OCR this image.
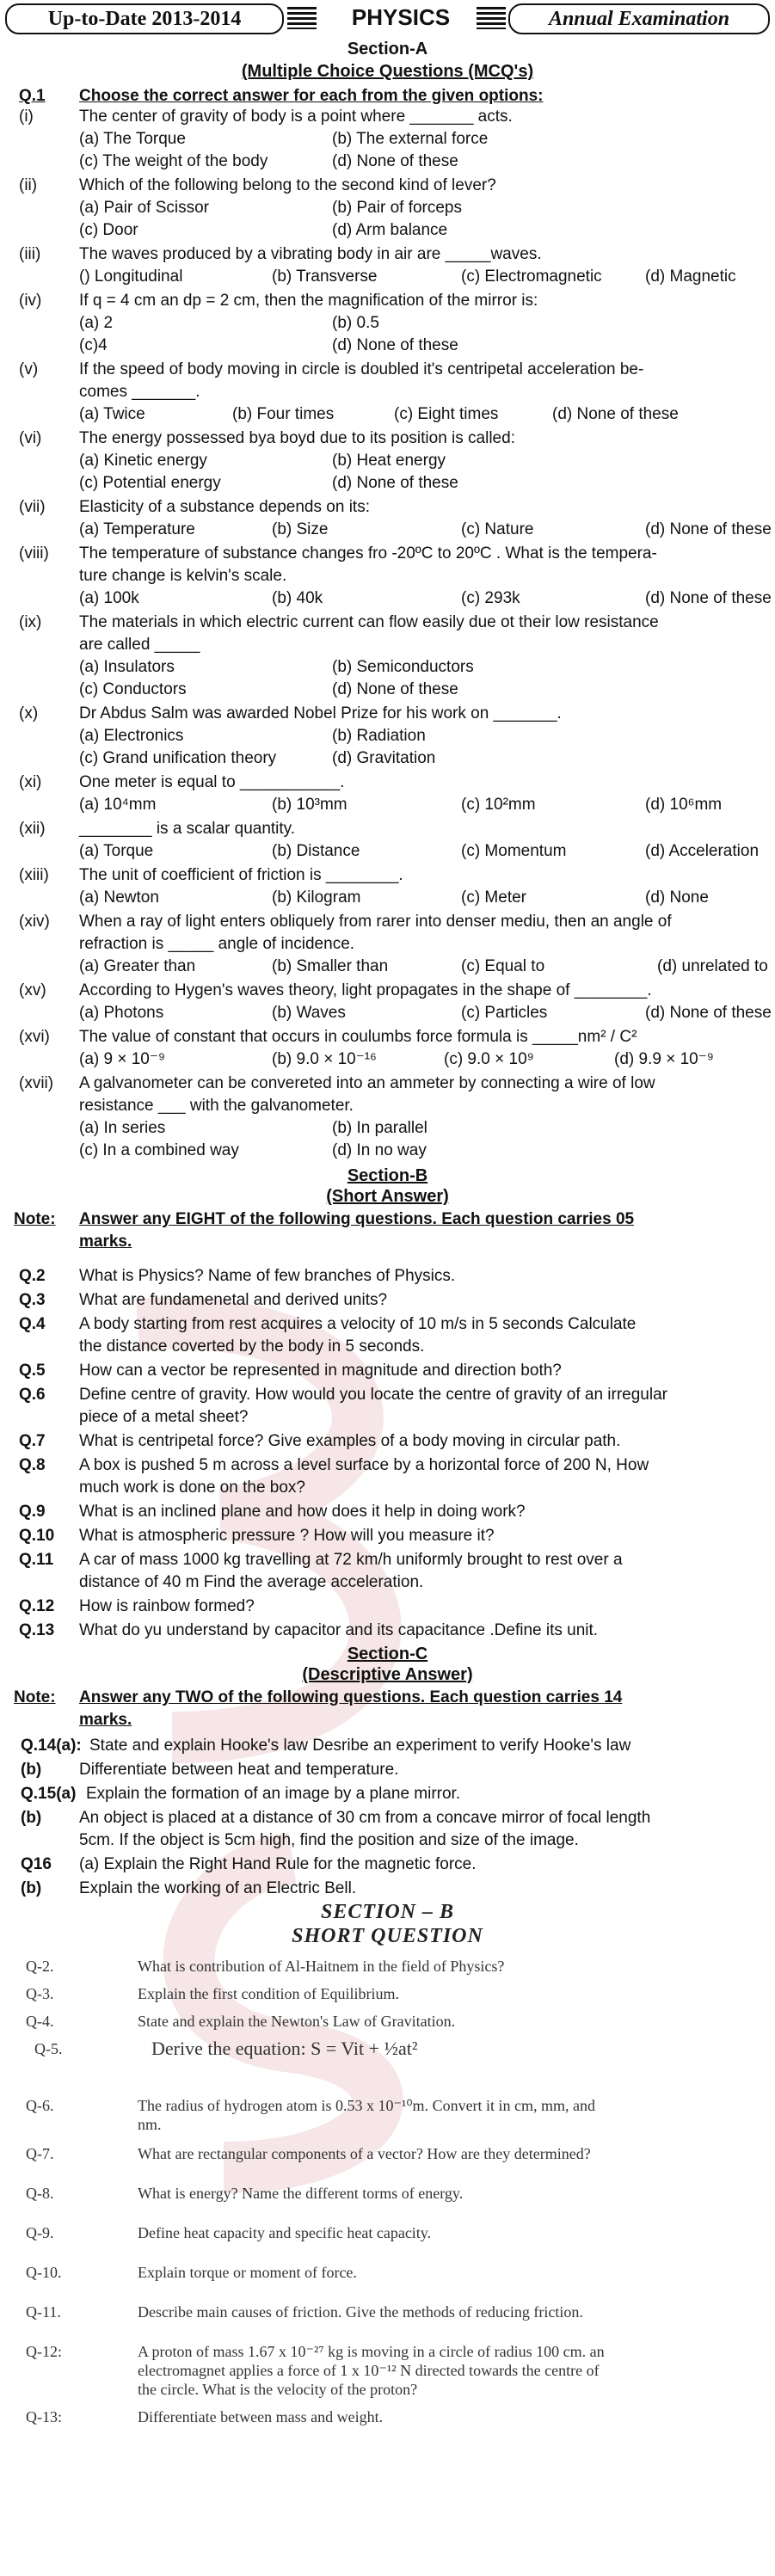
Up-to-Date 2013-2014	PHYSICS	Annual Examination
Section-A
(Multiple Choice Questions (MCQ's)
Q.1 Choose the correct answer for each from the given options:
(i)	The center of gravity of body is a point where _______ acts.
(a) The Torque	(b) The external force
(c) The weight of the body	(d) None of these
(ii)	Which of the following belong to the second kind of lever?
(a) Pair of Scissor	(b) Pair of forceps
(c) Door	(d) Arm balance
(iii) The waves produced by a vibrating body in air are _____waves.
() Longitudinal	(b) Transverse	(c) Electromagnetic	(d) Magnetic
(iv) If q = 4 cm an dp = 2 cm, then the magnification of the mirror is:
(a) 2	(b) 0.5
(c)4	(d) None of these
(v)	If the speed of body moving in circle is doubled it's centripetal acceleration be-
comes _______.
(a) Twice	(b) Four times	(c) Eight times	(d) None of these
(vi) The energy possessed bya boyd due to its position is called:
(a) Kinetic energy	(b) Heat energy
(c) Potential energy	(d) None of these
(vii) Elasticity of a substance depends on its:
(a) Temperature	(b) Size	(c) Nature	(d) None of these
(viii) The temperature of substance changes fro -20ºC to 20ºC . What is the tempera-
ture change is kelvin's scale.
(a) 100k	(b) 40k	(c) 293k	(d) None of these
(ix) The materials in which electric current can flow easily due ot their low resistance
are called _____
(a) Insulators	(b) Semiconductors
(c) Conductors	(d) None of these
(x)	Dr Abdus Salm was awarded Nobel Prize for his work on _______.
(a) Electronics	(b) Radiation
(c) Grand unification theory	(d) Gravitation
(xi) One meter is equal to ___________.
(a) 10⁴mm	(b) 10³mm	(c) 10²mm	(d) 10⁶mm
(xii) ________ is a scalar quantity.
(a) Torque	(b) Distance	(c) Momentum	(d) Acceleration
(xiii) The unit of coefficient of friction is ________.
(a) Newton	(b) Kilogram	(c) Meter	(d) None
(xiv) When a ray of light enters obliquely from rarer into denser mediu, then an angle of
refraction is _____ angle of incidence.
(a) Greater than	(b) Smaller than	(c) Equal to	(d) unrelated to
(xv) According to Hygen's waves theory, light propagates in the shape of ________.
(a) Photons	(b) Waves	(c) Particles	(d) None of these
(xvi) The value of constant that occurs in coulumbs force formula is _____nm² / C²
(a) 9 × 10⁻⁹	(b) 9.0 × 10⁻¹⁶	(c) 9.0 × 10⁹	(d) 9.9 × 10⁻⁹
(xvii) A galvanometer can be convereted into an ammeter by connecting a wire of low
resistance ___ with the galvanometer.
(a) In series	(b) In parallel
(c) In a combined way	(d) In no way
Section-B
(Short Answer)
Note: Answer any EIGHT of the following questions. Each question carries 05
marks.
Q.2 What is Physics? Name of few branches of Physics.
Q.3 What are fundamenetal and derived units?
Q.4 A body starting from rest acquires a velocity of 10 m/s in 5 seconds Calculate
the distance coverted by the body in 5 seconds.
Q.5 How can a vector be represented in magnitude and direction both?
Q.6 Define centre of gravity. How would you locate the centre of gravity of an irregular
piece of a metal sheet?
Q.7 What is centripetal force? Give examples of a body moving in circular path.
Q.8 A box is pushed 5 m across a level surface by a horizontal force of 200 N, How
much work is done on the box?
Q.9 What is an inclined plane and how does it help in doing work?
Q.10 What is atmospheric pressure ? How will you measure it?
Q.11 A car of mass 1000 kg travelling at 72 km/h uniformly brought to rest over a
distance of 40 m Find the average acceleration.
Q.12 How is rainbow formed?
Q.13 What do yu understand by capacitor and its capacitance .Define its unit.
Section-C
(Descriptive Answer)
Note: Answer any TWO of the following questions. Each question carries 14
marks.
Q.14(a): State and explain Hooke's law Desribe an experiment to verify Hooke's law
(b) Differentiate between heat and temperature.
Q.15(a) Explain the formation of an image by a plane mirror.
(b) An object is placed at a distance of 30 cm from a concave mirror of focal length
5cm. If the object is 5cm high, find the position and size of the image.
Q16 (a) Explain the Right Hand Rule for the magnetic force.
(b) Explain the working of an Electric Bell.
SECTION – B
SHORT QUESTION
Q-2.	What is contribution of Al-Haitnem in the field of Physics?
Q-3.	Explain the first condition of Equilibrium.
Q-4.	State and explain the Newton's Law of Gravitation.
Q-5.	Derive the equation: S = Vit + ½at²
Q-6.	The radius of hydrogen atom is 0.53 x 10⁻¹⁰m. Convert it in cm, mm, and
nm.
Q-7.	What are rectangular components of a vector? How are they determined?
Q-8.	What is energy? Name the different torms of energy.
Q-9.	Define heat capacity and specific heat capacity.
Q-10.	Explain torque or moment of force.
Q-11.	Describe main causes of friction. Give the methods of reducing friction.
Q-12:	A proton of mass 1.67 x 10⁻²⁷ kg is moving in a circle of radius 100 cm. an
electromagnet applies a force of 1 x 10⁻¹² N directed towards the centre of
the circle. What is the velocity of the proton?
Q-13:	Differentiate between mass and weight.
